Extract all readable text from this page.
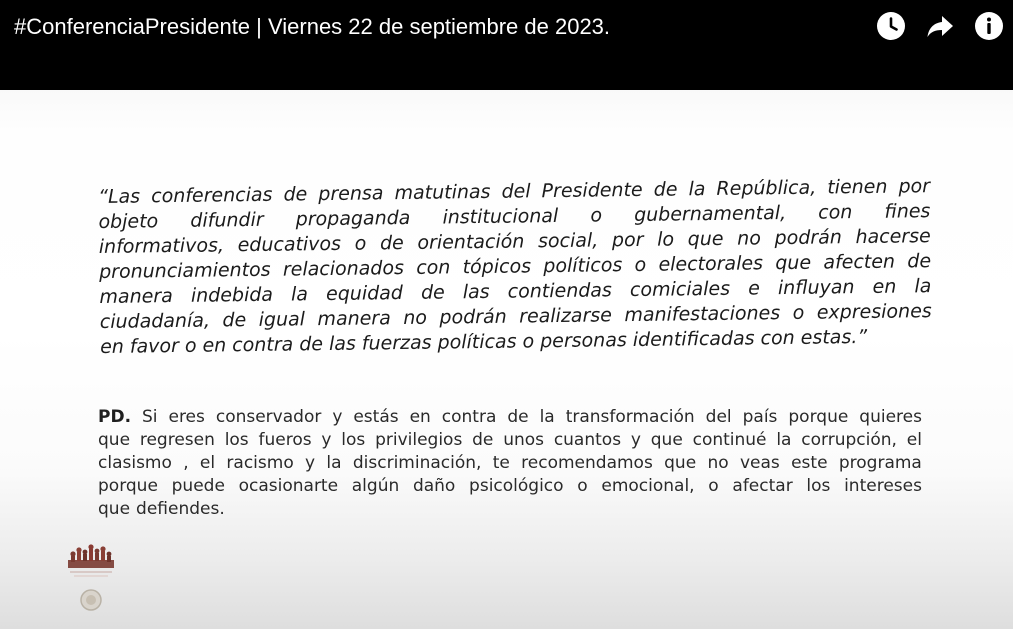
#ConferenciaPresidente | Viernes 22 de septiembre de 2023.
“Las conferencias de prensa matutinas del Presidente de la República, tienen por
objeto difundir propaganda institucional o gubernamental, con fines
informativos, educativos o de orientación social, por lo que no podrán hacerse
pronunciamientos relacionados con tópicos políticos o electorales que afecten de
manera indebida la equidad de las contiendas comiciales e influyan en la
ciudadanía, de igual manera no podrán realizarse manifestaciones o expresiones
en favor o en contra de las fuerzas políticas o personas identificadas con estas.”
PD. Si eres conservador y estás en contra de la transformación del país porque quieres
que regresen los fueros y los privilegios de unos cuantos y que continué la corrupción, el
clasismo , el racismo y la discriminación, te recomendamos que no veas este programa
porque puede ocasionarte algún daño psicológico o emocional, o afectar los intereses
que defiendes.
